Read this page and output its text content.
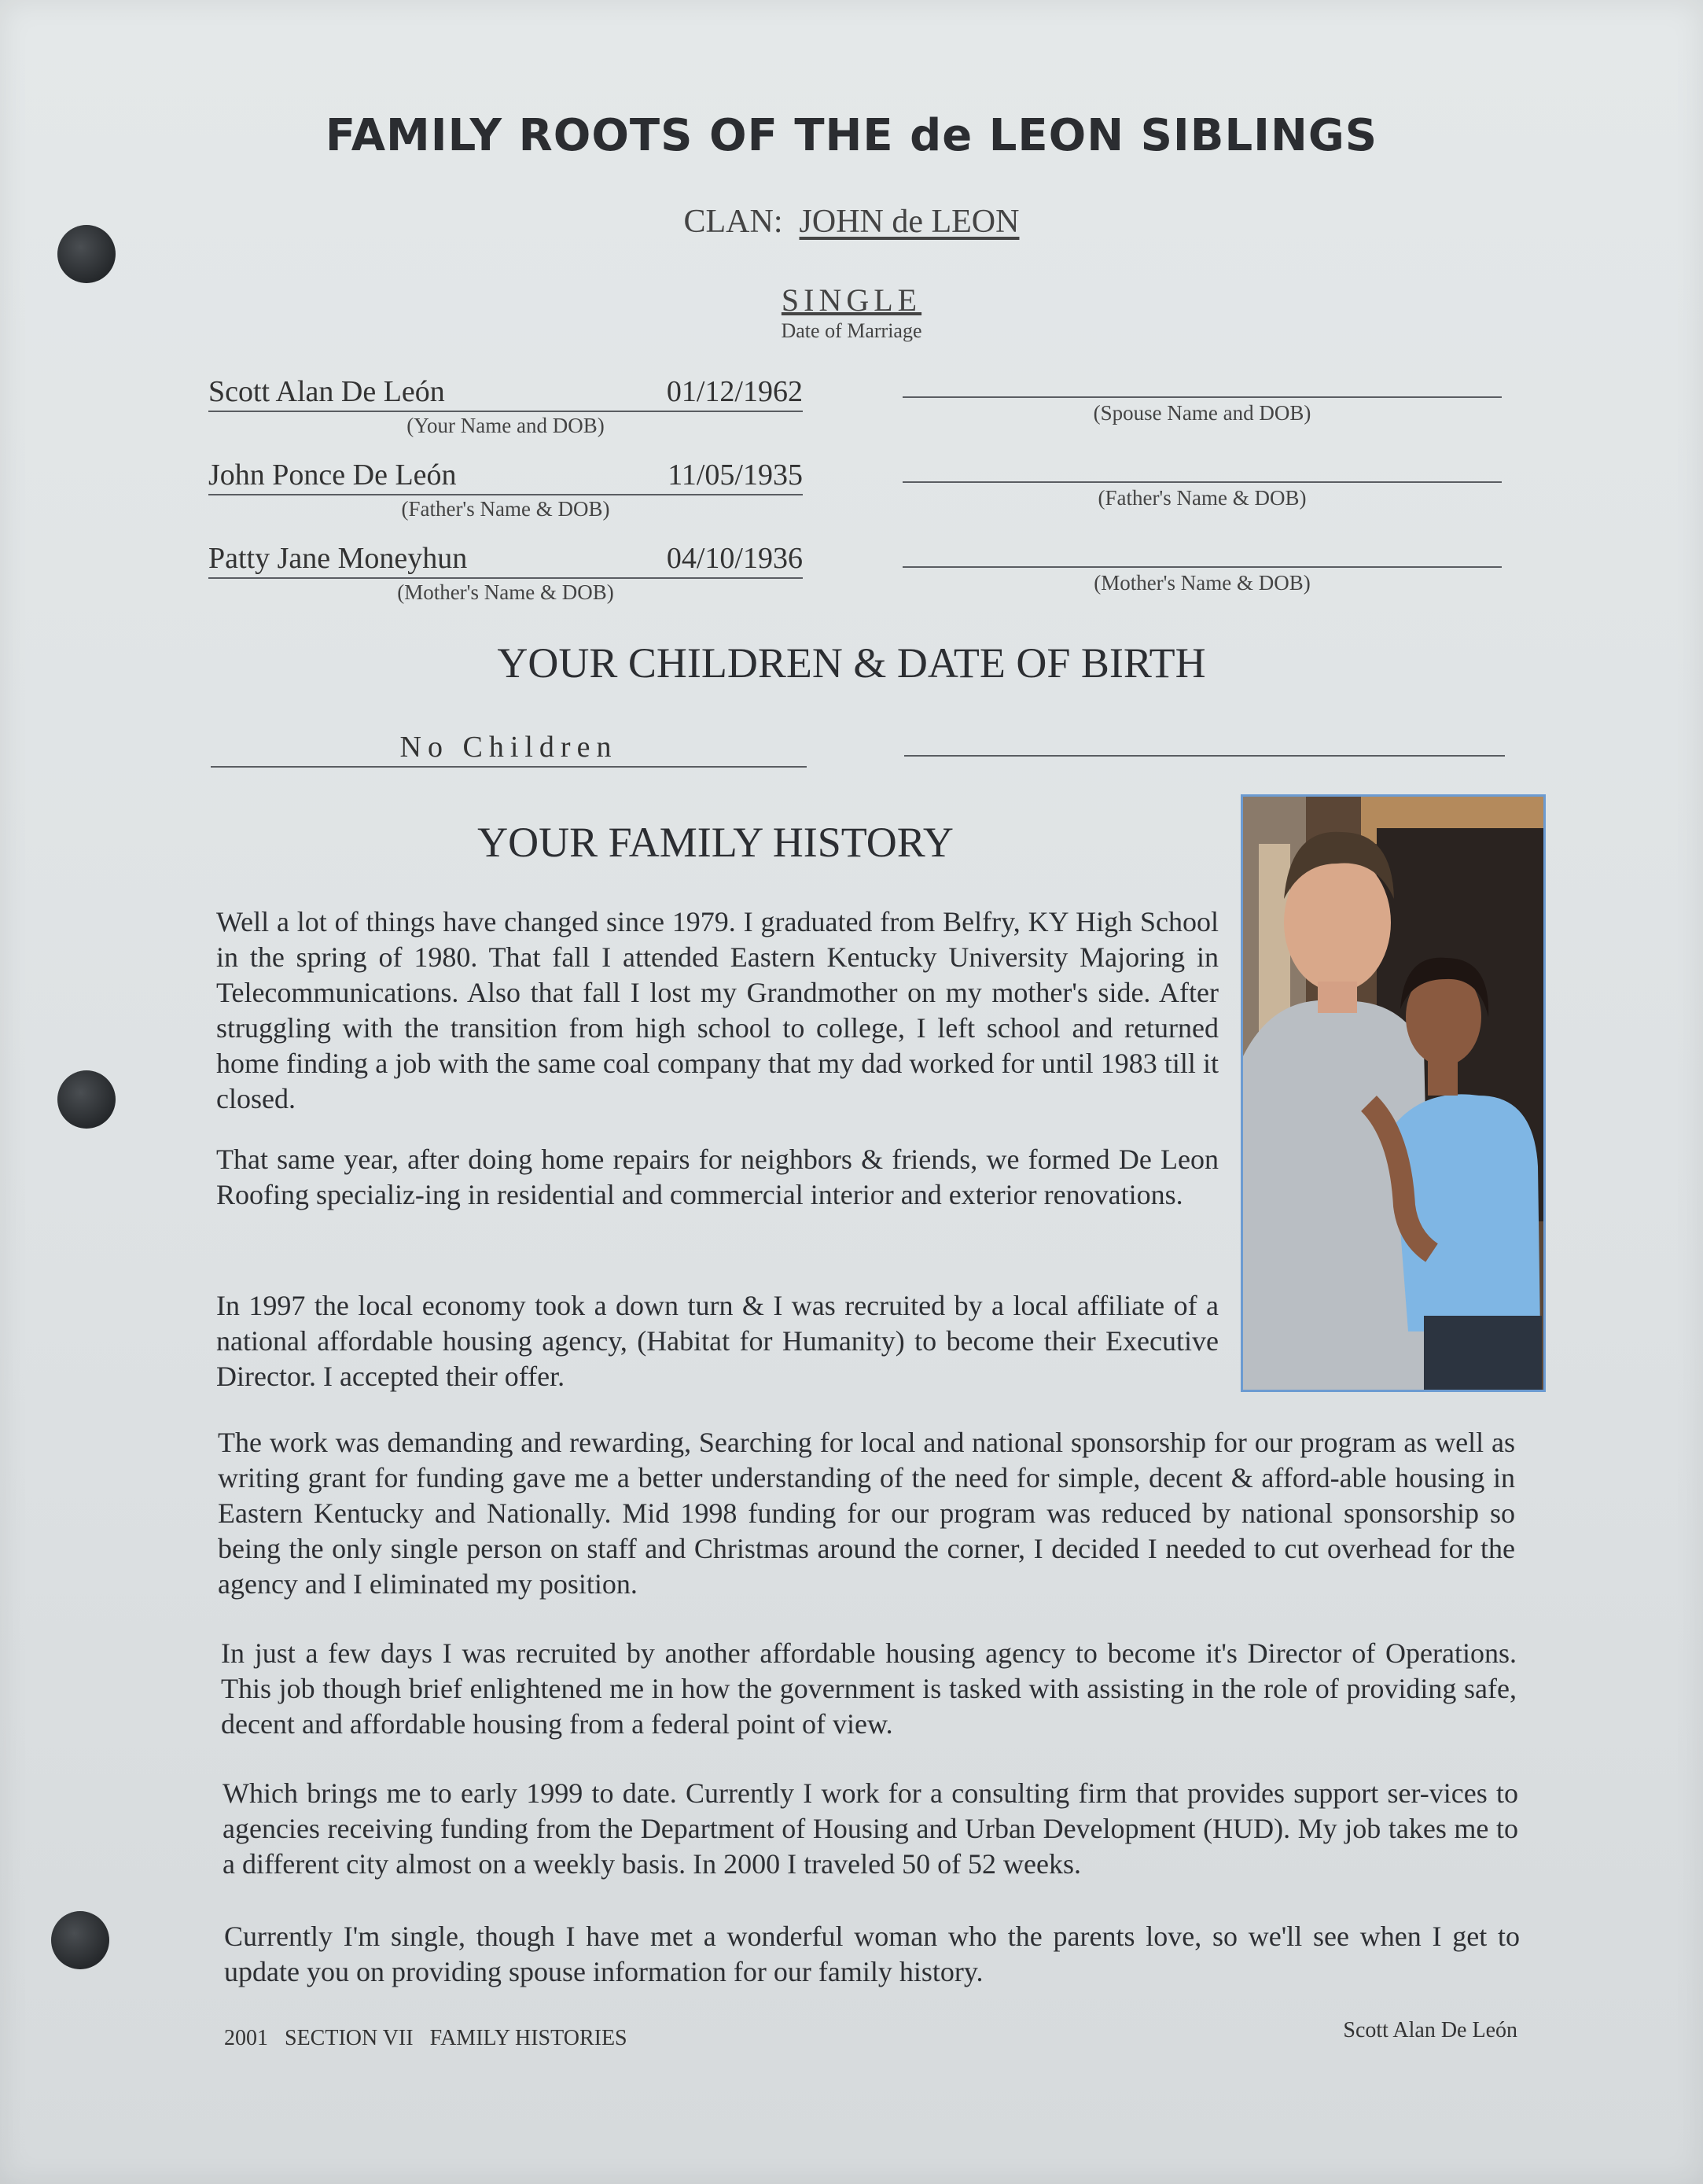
FAMILY ROOTS OF THE de LEON SIBLINGS
CLAN: JOHN de LEON
SINGLE
Date of Marriage
Scott Alan De León	01/12/1962
(Your Name and DOB)
John Ponce De León	11/05/1935
(Father's Name & DOB)
Patty Jane Moneyhun	04/10/1936
(Mother's Name & DOB)
(Spouse Name and DOB)
(Father's Name & DOB)
(Mother's Name & DOB)
YOUR CHILDREN & DATE OF BIRTH
No Children
YOUR FAMILY HISTORY

Well a lot of things have changed since 1979. I graduated from Belfry, KY High School in the spring of 1980. That fall I attended Eastern Kentucky University Majoring in Telecommunications. Also that fall I lost my Grandmother on my mother's side. After struggling with the transition from high school to college, I left school and returned home finding a job with the same coal company that my dad worked for until 1983 till it closed.

That same year, after doing home repairs for neighbors & friends, we formed De Leon Roofing specializ-ing in residential and commercial interior and exterior renovations.

In 1997 the local economy took a down turn & I was recruited by a local affiliate of a national affordable housing agency, (Habitat for Humanity) to become their Executive Director. I accepted their offer.

The work was demanding and rewarding, Searching for local and national sponsorship for our program as well as writing grant for funding gave me a better understanding of the need for simple, decent & afford-able housing in Eastern Kentucky and Nationally. Mid 1998 funding for our program was reduced by national sponsorship so being the only single person on staff and Christmas around the corner, I decided I needed to cut overhead for the agency and I eliminated my position.

In just a few days I was recruited by another affordable housing agency to become it's Director of Operations. This job though brief enlightened me in how the government is tasked with assisting in the role of providing safe, decent and affordable housing from a federal point of view.

Which brings me to early 1999 to date. Currently I work for a consulting firm that provides support ser-vices to agencies receiving funding from the Department of Housing and Urban Development (HUD). My job takes me to a different city almost on a weekly basis. In 2000 I traveled 50 of 52 weeks.

Currently I'm single, though I have met a wonderful woman who the parents love, so we'll see when I get to update you on providing spouse information for our family history.

2001   SECTION VII   FAMILY HISTORIES	Scott Alan De León
